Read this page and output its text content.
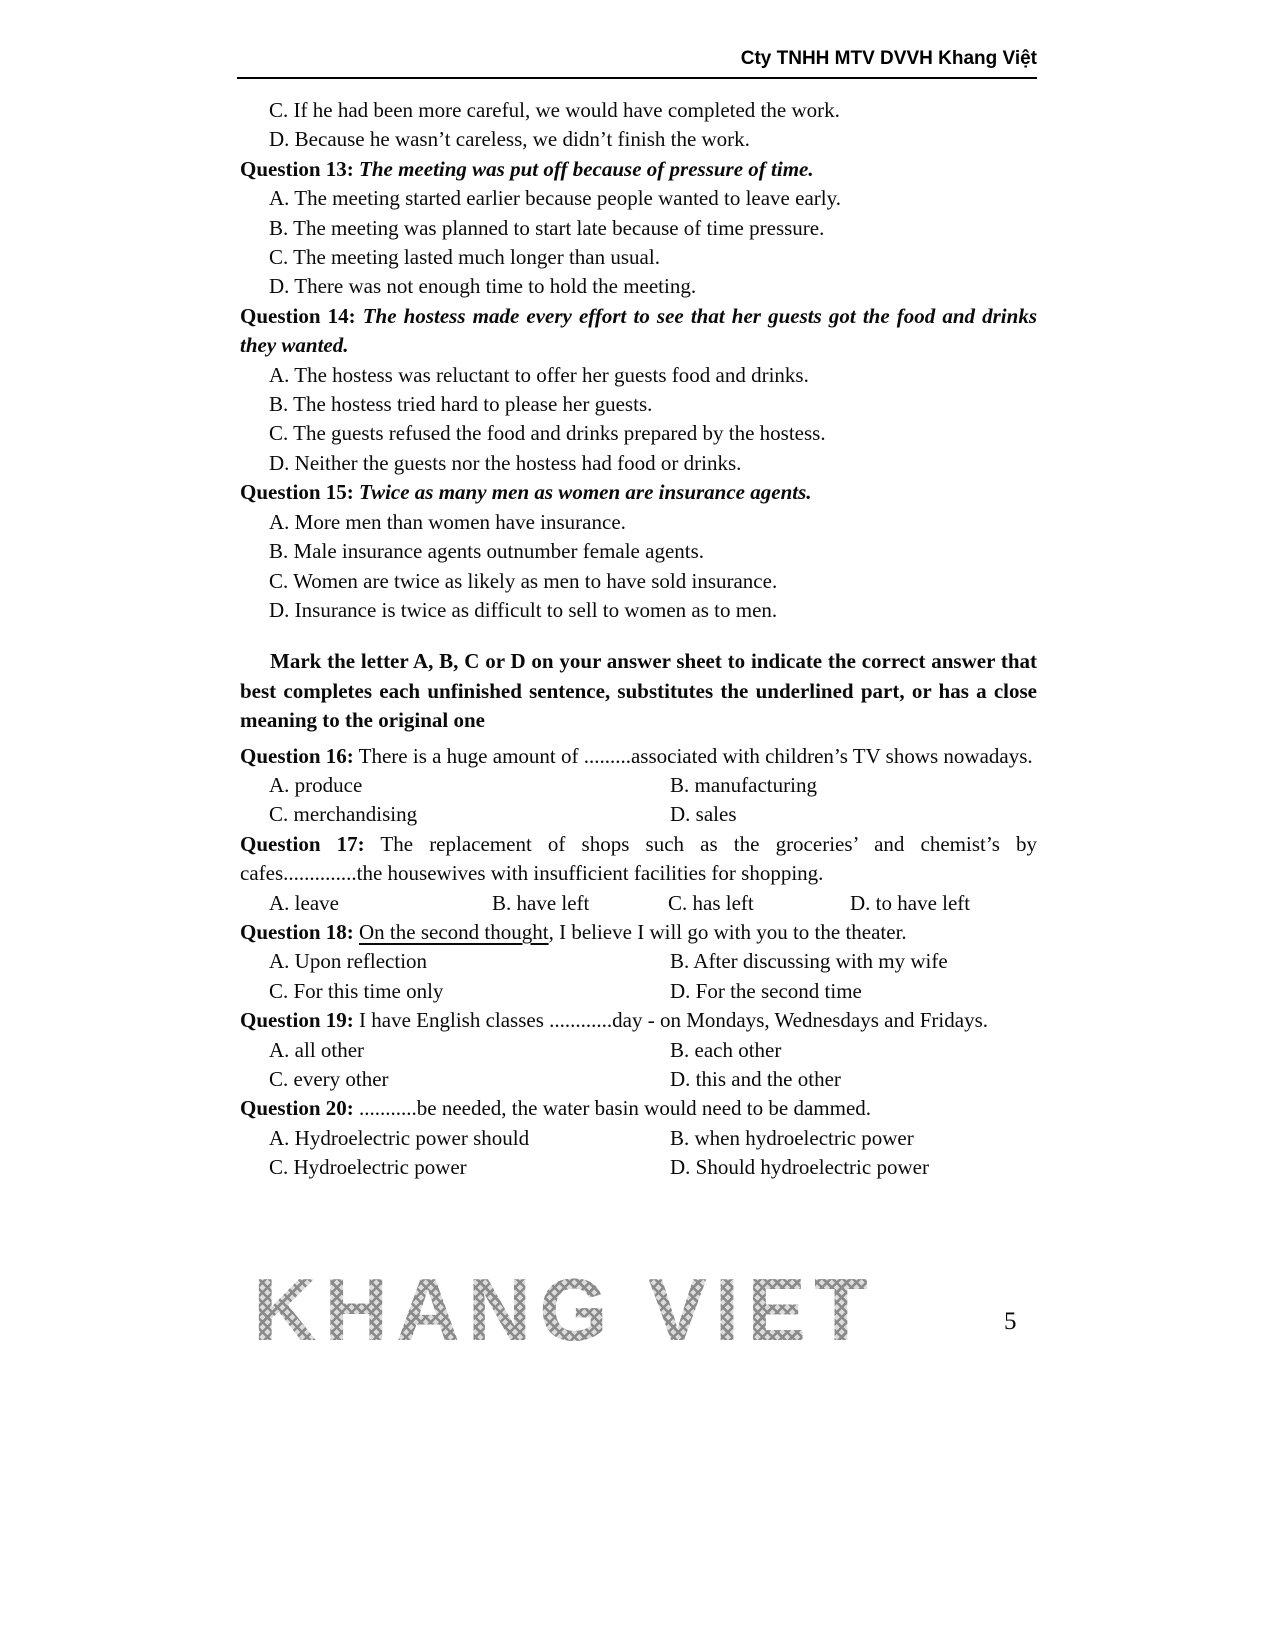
Cty TNHH MTV DVVH Khang Việt

C. If he had been more careful, we would have completed the work.

D. Because he wasn’t careless, we didn’t finish the work.

Question 13: The meeting was put off because of pressure of time.

A. The meeting started earlier because people wanted to leave early.

B. The meeting was planned to start late because of time pressure.

C. The meeting lasted much longer than usual.

D. There was not enough time to hold the meeting.

Question 14: The hostess made every effort to see that her guests got the food and drinks they wanted.

A. The hostess was reluctant to offer her guests food and drinks.

B. The hostess tried hard to please her guests.

C. The guests refused the food and drinks prepared by the hostess.

D. Neither the guests nor the hostess had food or drinks.

Question 15: Twice as many men as women are insurance agents.

A. More men than women have insurance.

B. Male insurance agents outnumber female agents.

C. Women are twice as likely as men to have sold insurance.

D. Insurance is twice as difficult to sell to women as to men.

Mark the letter A, B, C or D on your answer sheet to indicate the correct answer that best completes each unfinished sentence, substitutes the underlined part, or has a close meaning to the original one

Question 16: There is a huge amount of .........associated with children’s TV shows nowadays.

A. produce	B. manufacturing
C. merchandising	D. sales

Question 17: The replacement of shops such as the groceries’ and chemist’s by cafes..............the housewives with insufficient facilities for shopping.

A. leave	B. have left	C. has left	D. to have left

Question 18: On the second thought, I believe I will go with you to the theater.

A. Upon reflection	B. After discussing with my wife
C. For this time only	D. For the second time

Question 19: I have English classes ............day - on Mondays, Wednesdays and Fridays.

A. all other	B. each other
C. every other	D. this and the other

Question 20: ...........be needed, the water basin would need to be dammed.

A. Hydroelectric power should	B. when hydroelectric power
C. Hydroelectric power	D. Should hydroelectric power
KHANG VIET	5
